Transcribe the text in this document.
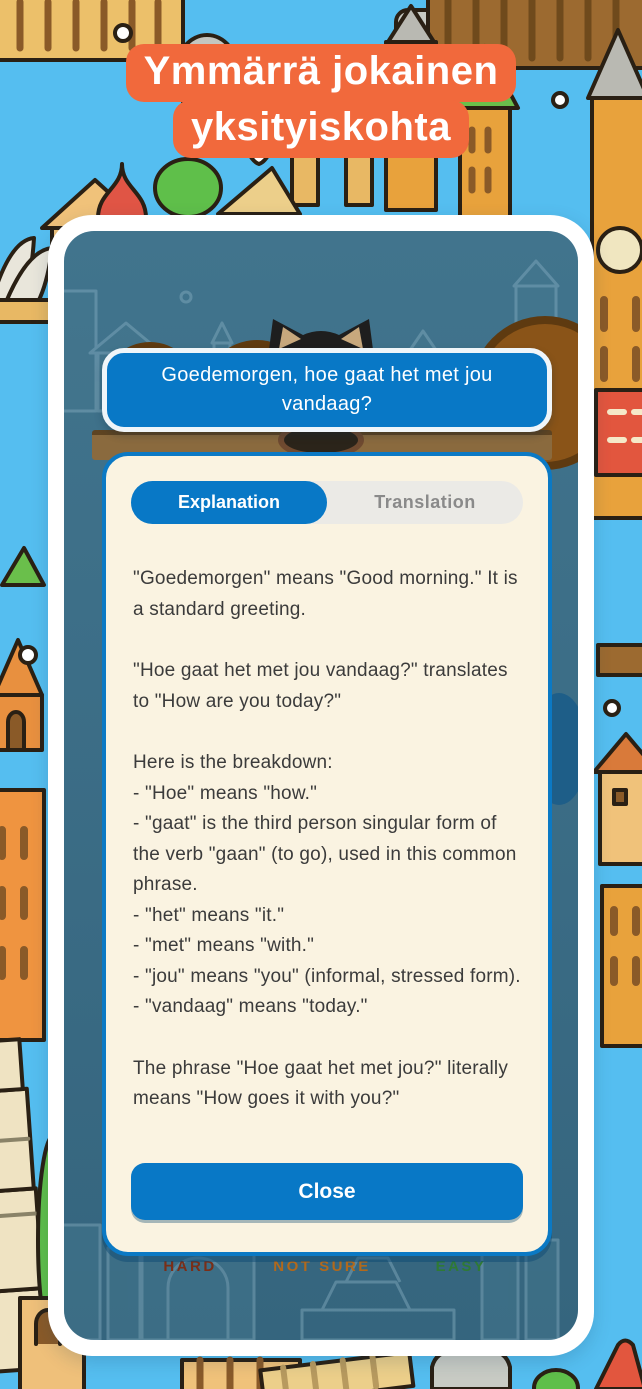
Ymmärrä jokainen
yksityiskohta
Goedemorgen, hoe gaat het met jou vandaag?
Explanation	Translation
"Goedemorgen" means "Good morning." It is a standard greeting.
"Hoe gaat het met jou vandaag?" translates to "How are you today?"
Here is the breakdown:
- "Hoe" means "how."
- "gaat" is the third person singular form of the verb "gaan" (to go), used in this common phrase.
- "het" means "it."
- "met" means "with."
- "jou" means "you" (informal, stressed form).
- "vandaag" means "today."
The phrase "Hoe gaat het met jou?" literally means "How goes it with you?"
Close
HARD	NOT SURE	EASY
